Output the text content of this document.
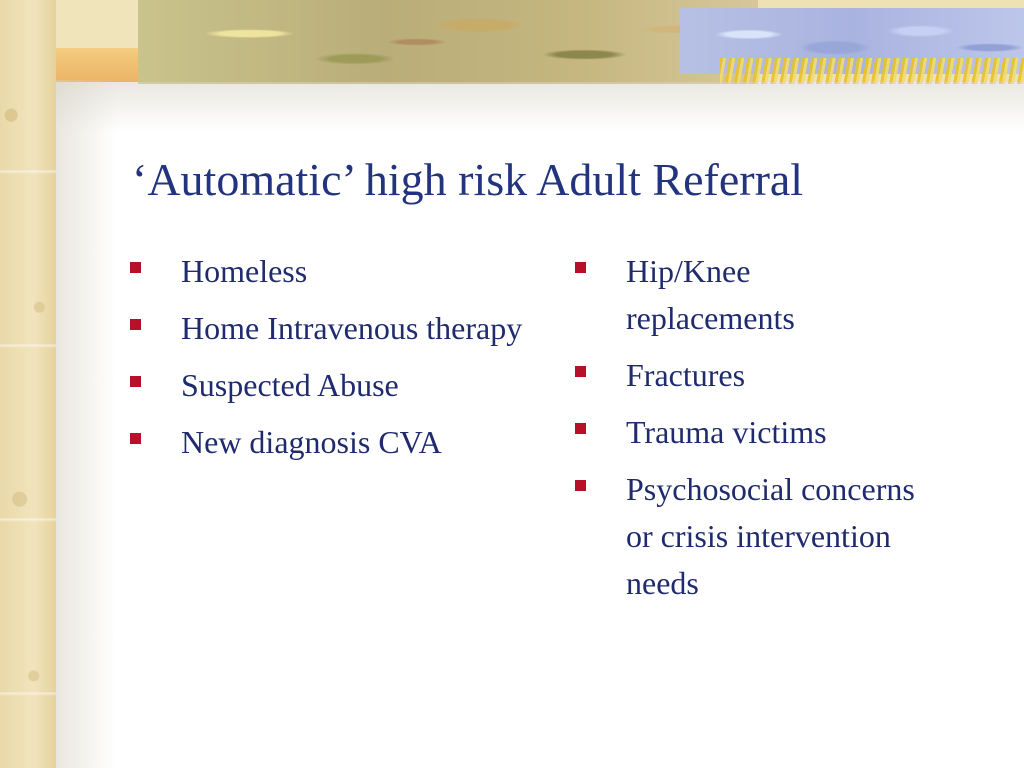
‘Automatic’ high risk Adult Referral
Homeless
Home Intravenous therapy
Suspected Abuse
New diagnosis CVA
Hip/Knee replacements
Fractures
Trauma victims
Psychosocial concerns or crisis intervention needs
